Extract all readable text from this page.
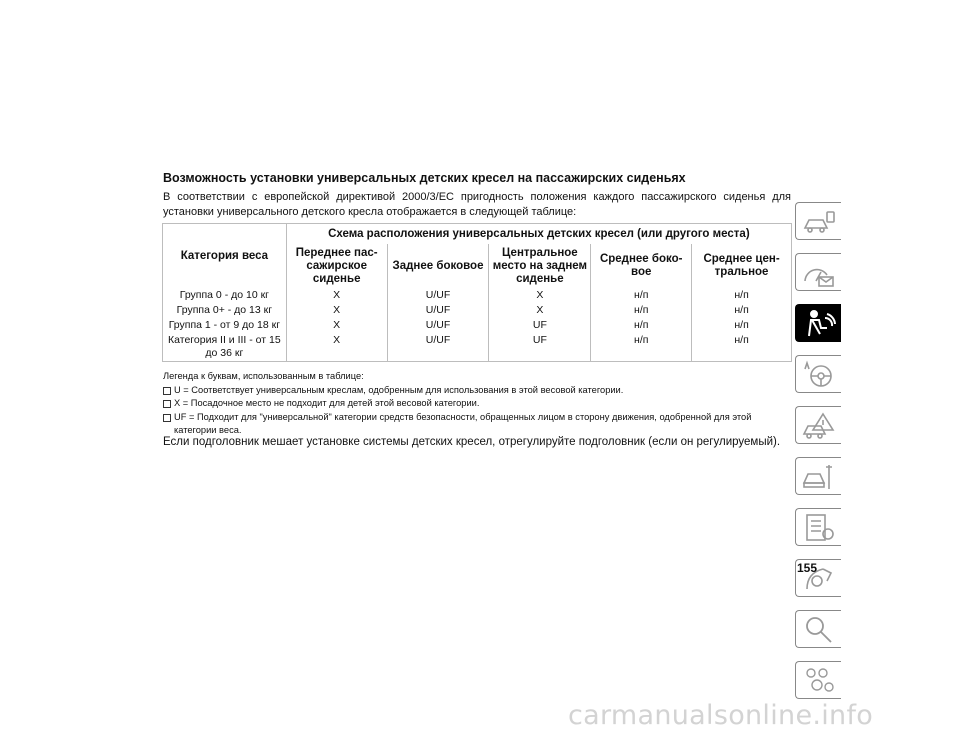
Возможность установки универсальных детских кресел на пассажирских сиденьях
В соответствии с европейской директивой 2000/3/ЕС пригодность положения каждого пассажирского сиденья для установки универсального детского кресла отображается в следующей таблице:
Категория веса	Схема расположения универсальных детских кресел (или другого места)				
	Переднее пас-сажирское сиденье	Заднее боковое	Центральное место на заднем сиденье	Среднее боко-вое	Среднее цен-тральное
Группа 0 - до 10 кг	X	U/UF	X	н/п	н/п
Группа 0+ - до 13 кг	X	U/UF	X	н/п	н/п
Группа 1 - от 9 до 18 кг	X	U/UF	UF	н/п	н/п
Категория II и III - от 15 до 36 кг	X	U/UF	UF	н/п	н/п
Легенда к буквам, использованным в таблице:
U = Соответствует универсальным креслам, одобренным для использования в этой весовой категории.
X = Посадочное место не подходит для детей этой весовой категории.
UF = Подходит для "универсальной" категории средств безопасности, обращенных лицом в сторону движения, одобренной для этой категории веса.
Если подголовник мешает установке системы детских кресел, отрегулируйте подголовник (если он регулируемый).
155
carmanualsonline.info
